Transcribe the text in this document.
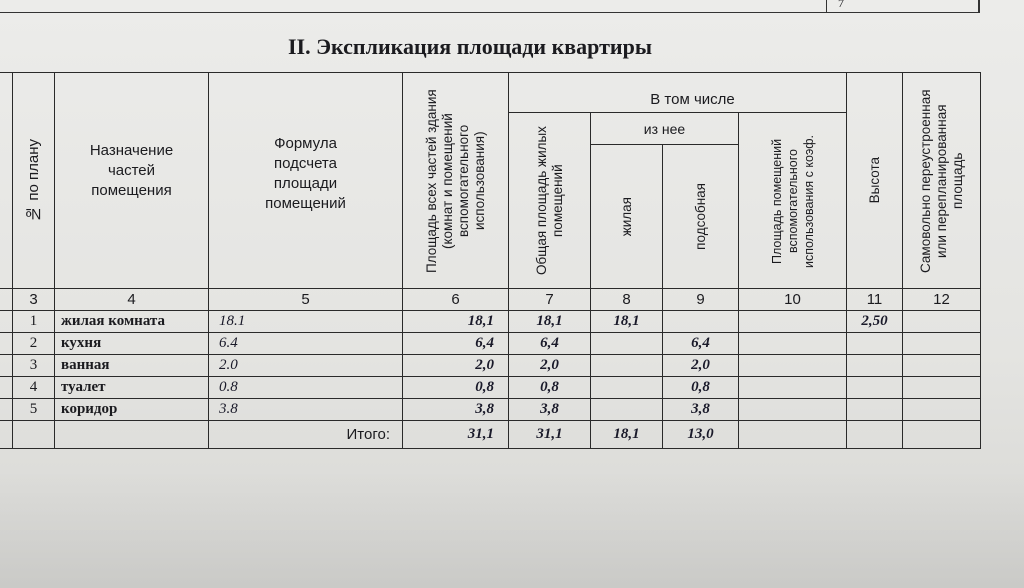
7
II. Экспликация площади квартиры

	№ по плану	Назначение частей помещения	Формула подсчета площади помещений	Площадь всех частей здания (комнат и помещений вспомогательного использования)	В том числе				Высота	Самовольно переустроенная или перепланированная площадь

					Общая площадь жилых помещений	из нее		Площадь помещений вспомогательного использования с коэф.		

						жилая	подсобная			

	3	4	5	6	7	8	9	10	11	12
	1	жилая комната	18.1	18,1	18,1	18,1			2,50	
	2	кухня	6.4	6,4	6,4		6,4			
	3	ванная	2.0	2,0	2,0		2,0			
	4	туалет	0.8	0,8	0,8		0,8			
	5	коридор	3.8	3,8	3,8		3,8			
			Итого:	31,1	31,1	18,1	13,0			
